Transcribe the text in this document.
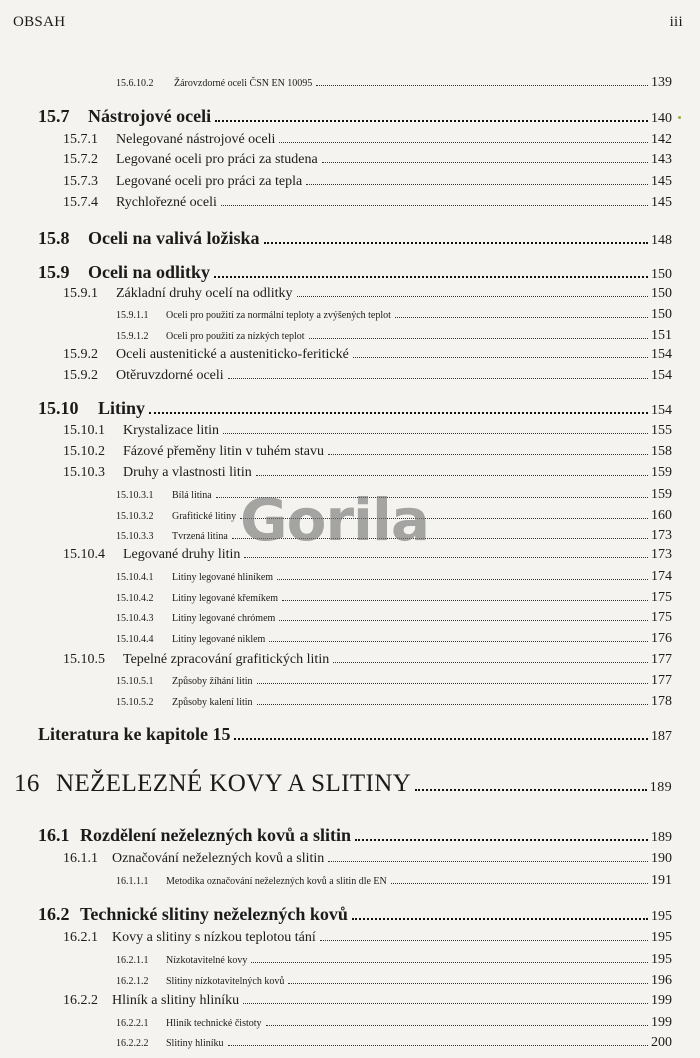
OBSAH	iii
15.6.10.2	Žárovzdorné oceli ČSN EN 10095	139
15.7	Nástrojové oceli	140
15.7.1	Nelegované nástrojové oceli	142
15.7.2	Legované oceli pro práci za studena	143
15.7.3	Legované oceli pro práci za tepla	145
15.7.4	Rychlořezné oceli	145
15.8	Oceli na valivá ložiska	148
15.9	Oceli na odlitky	150
15.9.1	Základní druhy ocelí na odlitky	150
15.9.1.1	Oceli pro použití za normální teploty a zvýšených teplot	150
15.9.1.2	Oceli pro použití za nízkých teplot	151
15.9.2	Oceli austenitické a austeniticko-feritické	154
15.9.2	Otěruvzdorné oceli	154
15.10	Litiny	154
15.10.1	Krystalizace litin	155
15.10.2	Fázové přeměny litin v tuhém stavu	158
15.10.3	Druhy a vlastnosti litin	159
15.10.3.1	Bílá litina	159
15.10.3.2	Grafitické litiny	160
15.10.3.3	Tvrzená litina	173
15.10.4	Legované druhy litin	173
15.10.4.1	Litiny legované hliníkem	174
15.10.4.2	Litiny legované křemíkem	175
15.10.4.3	Litiny legované chrómem	175
15.10.4.4	Litiny legované niklem	176
15.10.5	Tepelné zpracování grafitických litin	177
15.10.5.1	Způsoby žíhání litin	177
15.10.5.2	Způsoby kalení litin	178
Literatura ke kapitole 15	187
16 NEŽELEZNÉ KOVY A SLITINY	189
16.1 Rozdělení neželezných kovů a slitin	189
16.1.1	Označování neželezných kovů a slitin	190
16.1.1.1	Metodika označování neželezných kovů a slitin dle EN	191
16.2 Technické slitiny neželezných kovů	195
16.2.1	Kovy a slitiny s nízkou teplotou tání	195
16.2.1.1	Nízkotavitelné kovy	195
16.2.1.2	Slitiny nízkotavitelných kovů	196
16.2.2	Hliník a slitiny hliníku	199
16.2.2.1	Hliník technické čistoty	199
16.2.2.2	Slitiny hliníku	200
Gorila
